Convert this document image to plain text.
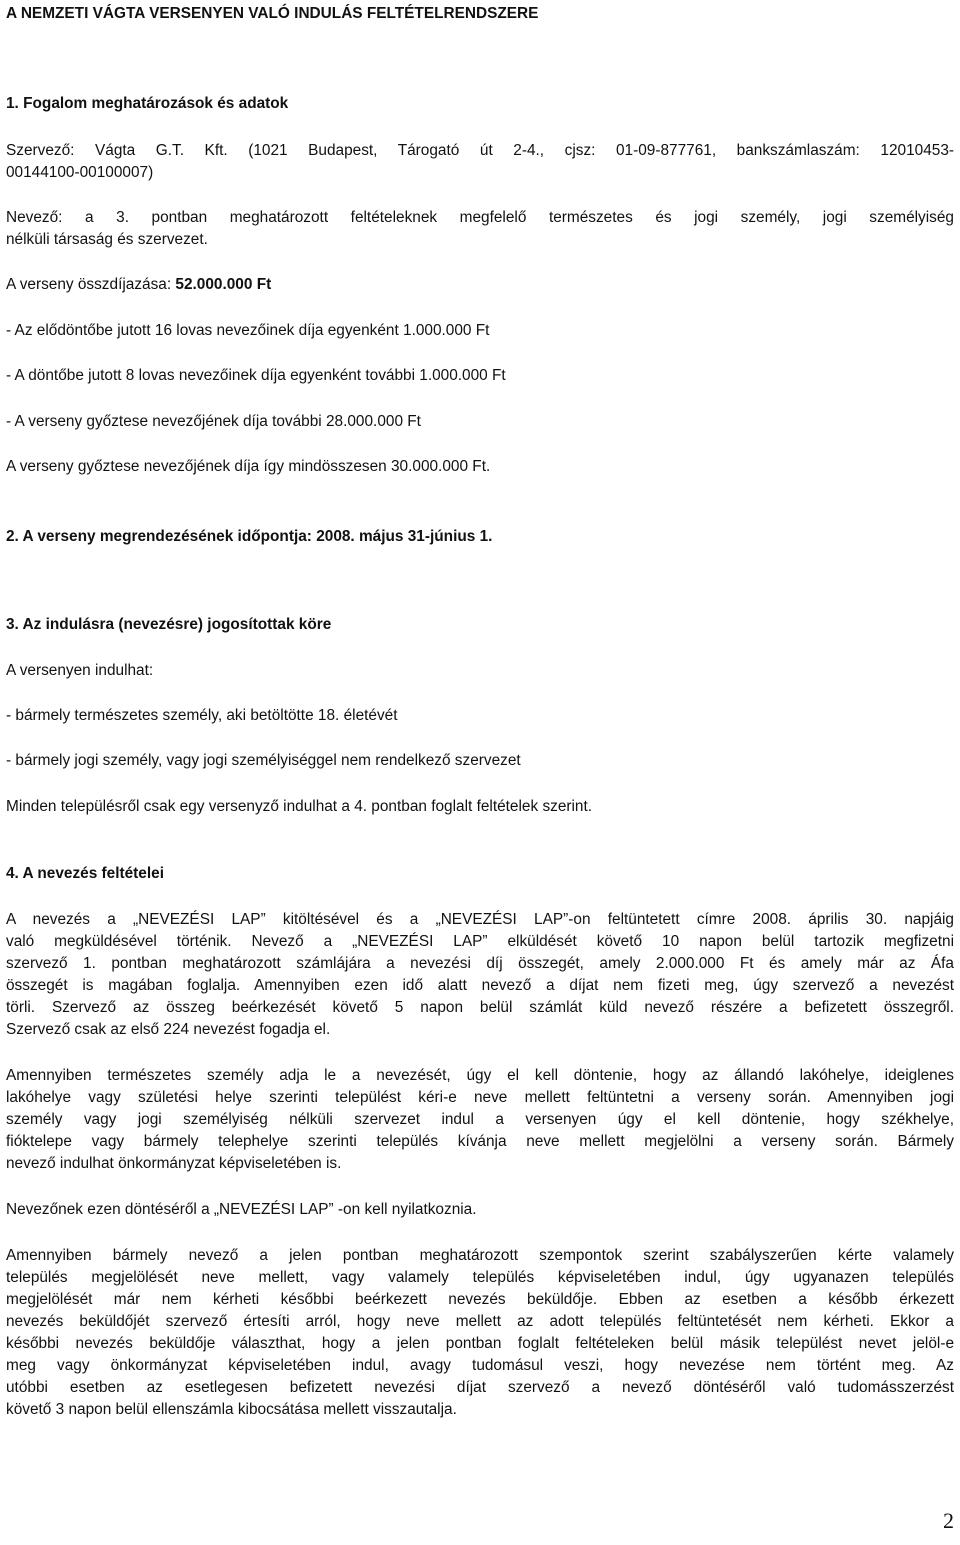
A NEMZETI VÁGTA VERSENYEN VALÓ INDULÁS FELTÉTELRENDSZERE

1. Fogalom meghatározások és adatok

Szervező: Vágta G.T. Kft. (1021 Budapest, Tárogató út 2-4., cjsz: 01-09-877761, bankszámlaszám: 12010453-

00144100-00100007)

Nevező: a 3. pontban meghatározott feltételeknek megfelelő természetes és jogi személy, jogi személyiség

nélküli társaság és szervezet.

A verseny összdíjazása: 52.000.000 Ft

- Az elődöntőbe jutott 16 lovas nevezőinek díja egyenként 1.000.000 Ft

- A döntőbe jutott 8 lovas nevezőinek díja egyenként további 1.000.000 Ft

- A verseny győztese nevezőjének díja további 28.000.000 Ft

A verseny győztese nevezőjének díja így mindösszesen 30.000.000 Ft.

2. A verseny megrendezésének időpontja: 2008. május 31-június 1.

3. Az indulásra (nevezésre) jogosítottak köre

A versenyen indulhat:

- bármely természetes személy, aki betöltötte 18. életévét

- bármely jogi személy, vagy jogi személyiséggel nem rendelkező szervezet

Minden településről csak egy versenyző indulhat a 4. pontban foglalt feltételek szerint.

4. A nevezés feltételei

A nevezés a „NEVEZÉSI LAP” kitöltésével és a „NEVEZÉSI LAP”-on feltüntetett címre 2008. április 30. napjáig

való megküldésével történik. Nevező a „NEVEZÉSI LAP” elküldését követő 10 napon belül tartozik megfizetni

szervező 1. pontban meghatározott számlájára a nevezési díj összegét, amely 2.000.000 Ft és amely már az Áfa

összegét is magában foglalja. Amennyiben ezen idő alatt nevező a díjat nem fizeti meg, úgy szervező a nevezést

törli. Szervező az összeg beérkezését követő 5 napon belül számlát küld nevező részére a befizetett összegről.

Szervező csak az első 224 nevezést fogadja el.

Amennyiben természetes személy adja le a nevezését, úgy el kell döntenie, hogy az állandó lakóhelye, ideiglenes

lakóhelye vagy születési helye szerinti települést kéri-e neve mellett feltüntetni a verseny során. Amennyiben jogi

személy vagy jogi személyiség nélküli szervezet indul a versenyen úgy el kell döntenie, hogy székhelye,

fióktelepe vagy bármely telephelye szerinti település kívánja neve mellett megjelölni a verseny során. Bármely

nevező indulhat önkormányzat képviseletében is.

Nevezőnek ezen döntéséről a „NEVEZÉSI LAP” -on kell nyilatkoznia.

Amennyiben bármely nevező a jelen pontban meghatározott szempontok szerint szabályszerűen kérte valamely

település megjelölését neve mellett, vagy valamely település képviseletében indul, úgy ugyanazen település

megjelölését már nem kérheti későbbi beérkezett nevezés beküldője. Ebben az esetben a később érkezett

nevezés beküldőjét szervező értesíti arról, hogy neve mellett az adott település feltüntetését nem kérheti. Ekkor a

későbbi nevezés beküldője választhat, hogy a jelen pontban foglalt feltételeken belül másik települést nevet jelöl-e

meg vagy önkormányzat képviseletében indul, avagy tudomásul veszi, hogy nevezése nem történt meg. Az

utóbbi esetben az esetlegesen befizetett nevezési díjat szervező a nevező döntéséről való tudomásszerzést

követő 3 napon belül ellenszámla kibocsátása mellett visszautalja.

2
